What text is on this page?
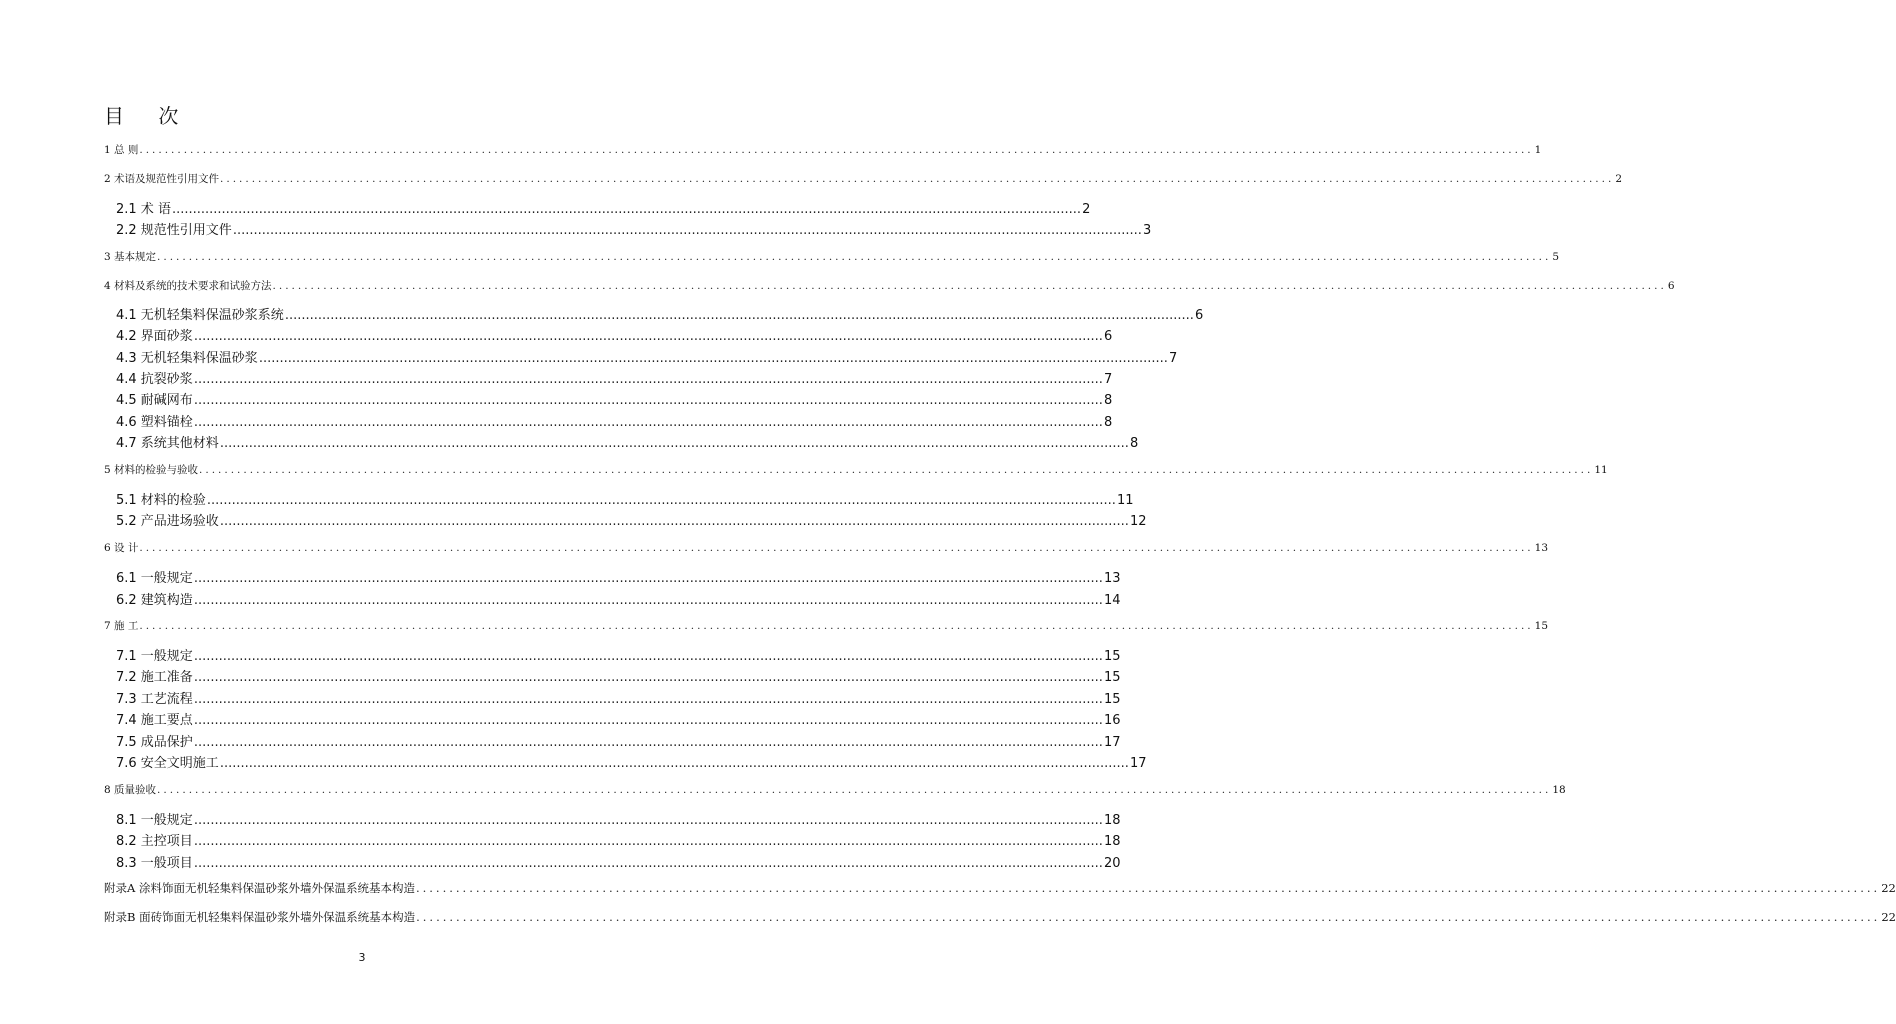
目 次
1 总 则 ............................................................................................................................................................................................................................ 1
2 术语及规范性引用文件 ............................................................................................................................................................................................................................ 2
2.1 术 语 ............................................................................................................................................................................................................................ 2
2.2 规范性引用文件 ............................................................................................................................................................................................................................ 3
3 基本规定 ............................................................................................................................................................................................................................ 5
4 材料及系统的技术要求和试验方法 ............................................................................................................................................................................................................................ 6
4.1 无机轻集料保温砂浆系统 ............................................................................................................................................................................................................................ 6
4.2 界面砂浆 ............................................................................................................................................................................................................................ 6
4.3 无机轻集料保温砂浆 ............................................................................................................................................................................................................................ 7
4.4 抗裂砂浆 ............................................................................................................................................................................................................................ 7
4.5 耐碱网布 ............................................................................................................................................................................................................................ 8
4.6 塑料锚栓 ............................................................................................................................................................................................................................ 8
4.7 系统其他材料 ............................................................................................................................................................................................................................ 8
5 材料的检验与验收 ............................................................................................................................................................................................................................ 11
5.1 材料的检验 ............................................................................................................................................................................................................................ 11
5.2 产品进场验收 ............................................................................................................................................................................................................................ 12
6 设 计 ............................................................................................................................................................................................................................ 13
6.1 一般规定 ............................................................................................................................................................................................................................ 13
6.2 建筑构造 ............................................................................................................................................................................................................................ 14
7 施 工 ............................................................................................................................................................................................................................ 15
7.1 一般规定 ............................................................................................................................................................................................................................ 15
7.2 施工准备 ............................................................................................................................................................................................................................ 15
7.3 工艺流程 ............................................................................................................................................................................................................................ 15
7.4 施工要点 ............................................................................................................................................................................................................................ 16
7.5 成品保护 ............................................................................................................................................................................................................................ 17
7.6 安全文明施工 ............................................................................................................................................................................................................................ 17
8 质量验收 ............................................................................................................................................................................................................................ 18
8.1 一般规定 ............................................................................................................................................................................................................................ 18
8.2 主控项目 ............................................................................................................................................................................................................................ 18
8.3 一般项目 ............................................................................................................................................................................................................................ 20
附录A 涂料饰面无机轻集料保温砂浆外墙外保温系统基本构造 ............................................................................................................................................................................................................................ 22
附录B 面砖饰面无机轻集料保温砂浆外墙外保温系统基本构造 ............................................................................................................................................................................................................................ 22
3
